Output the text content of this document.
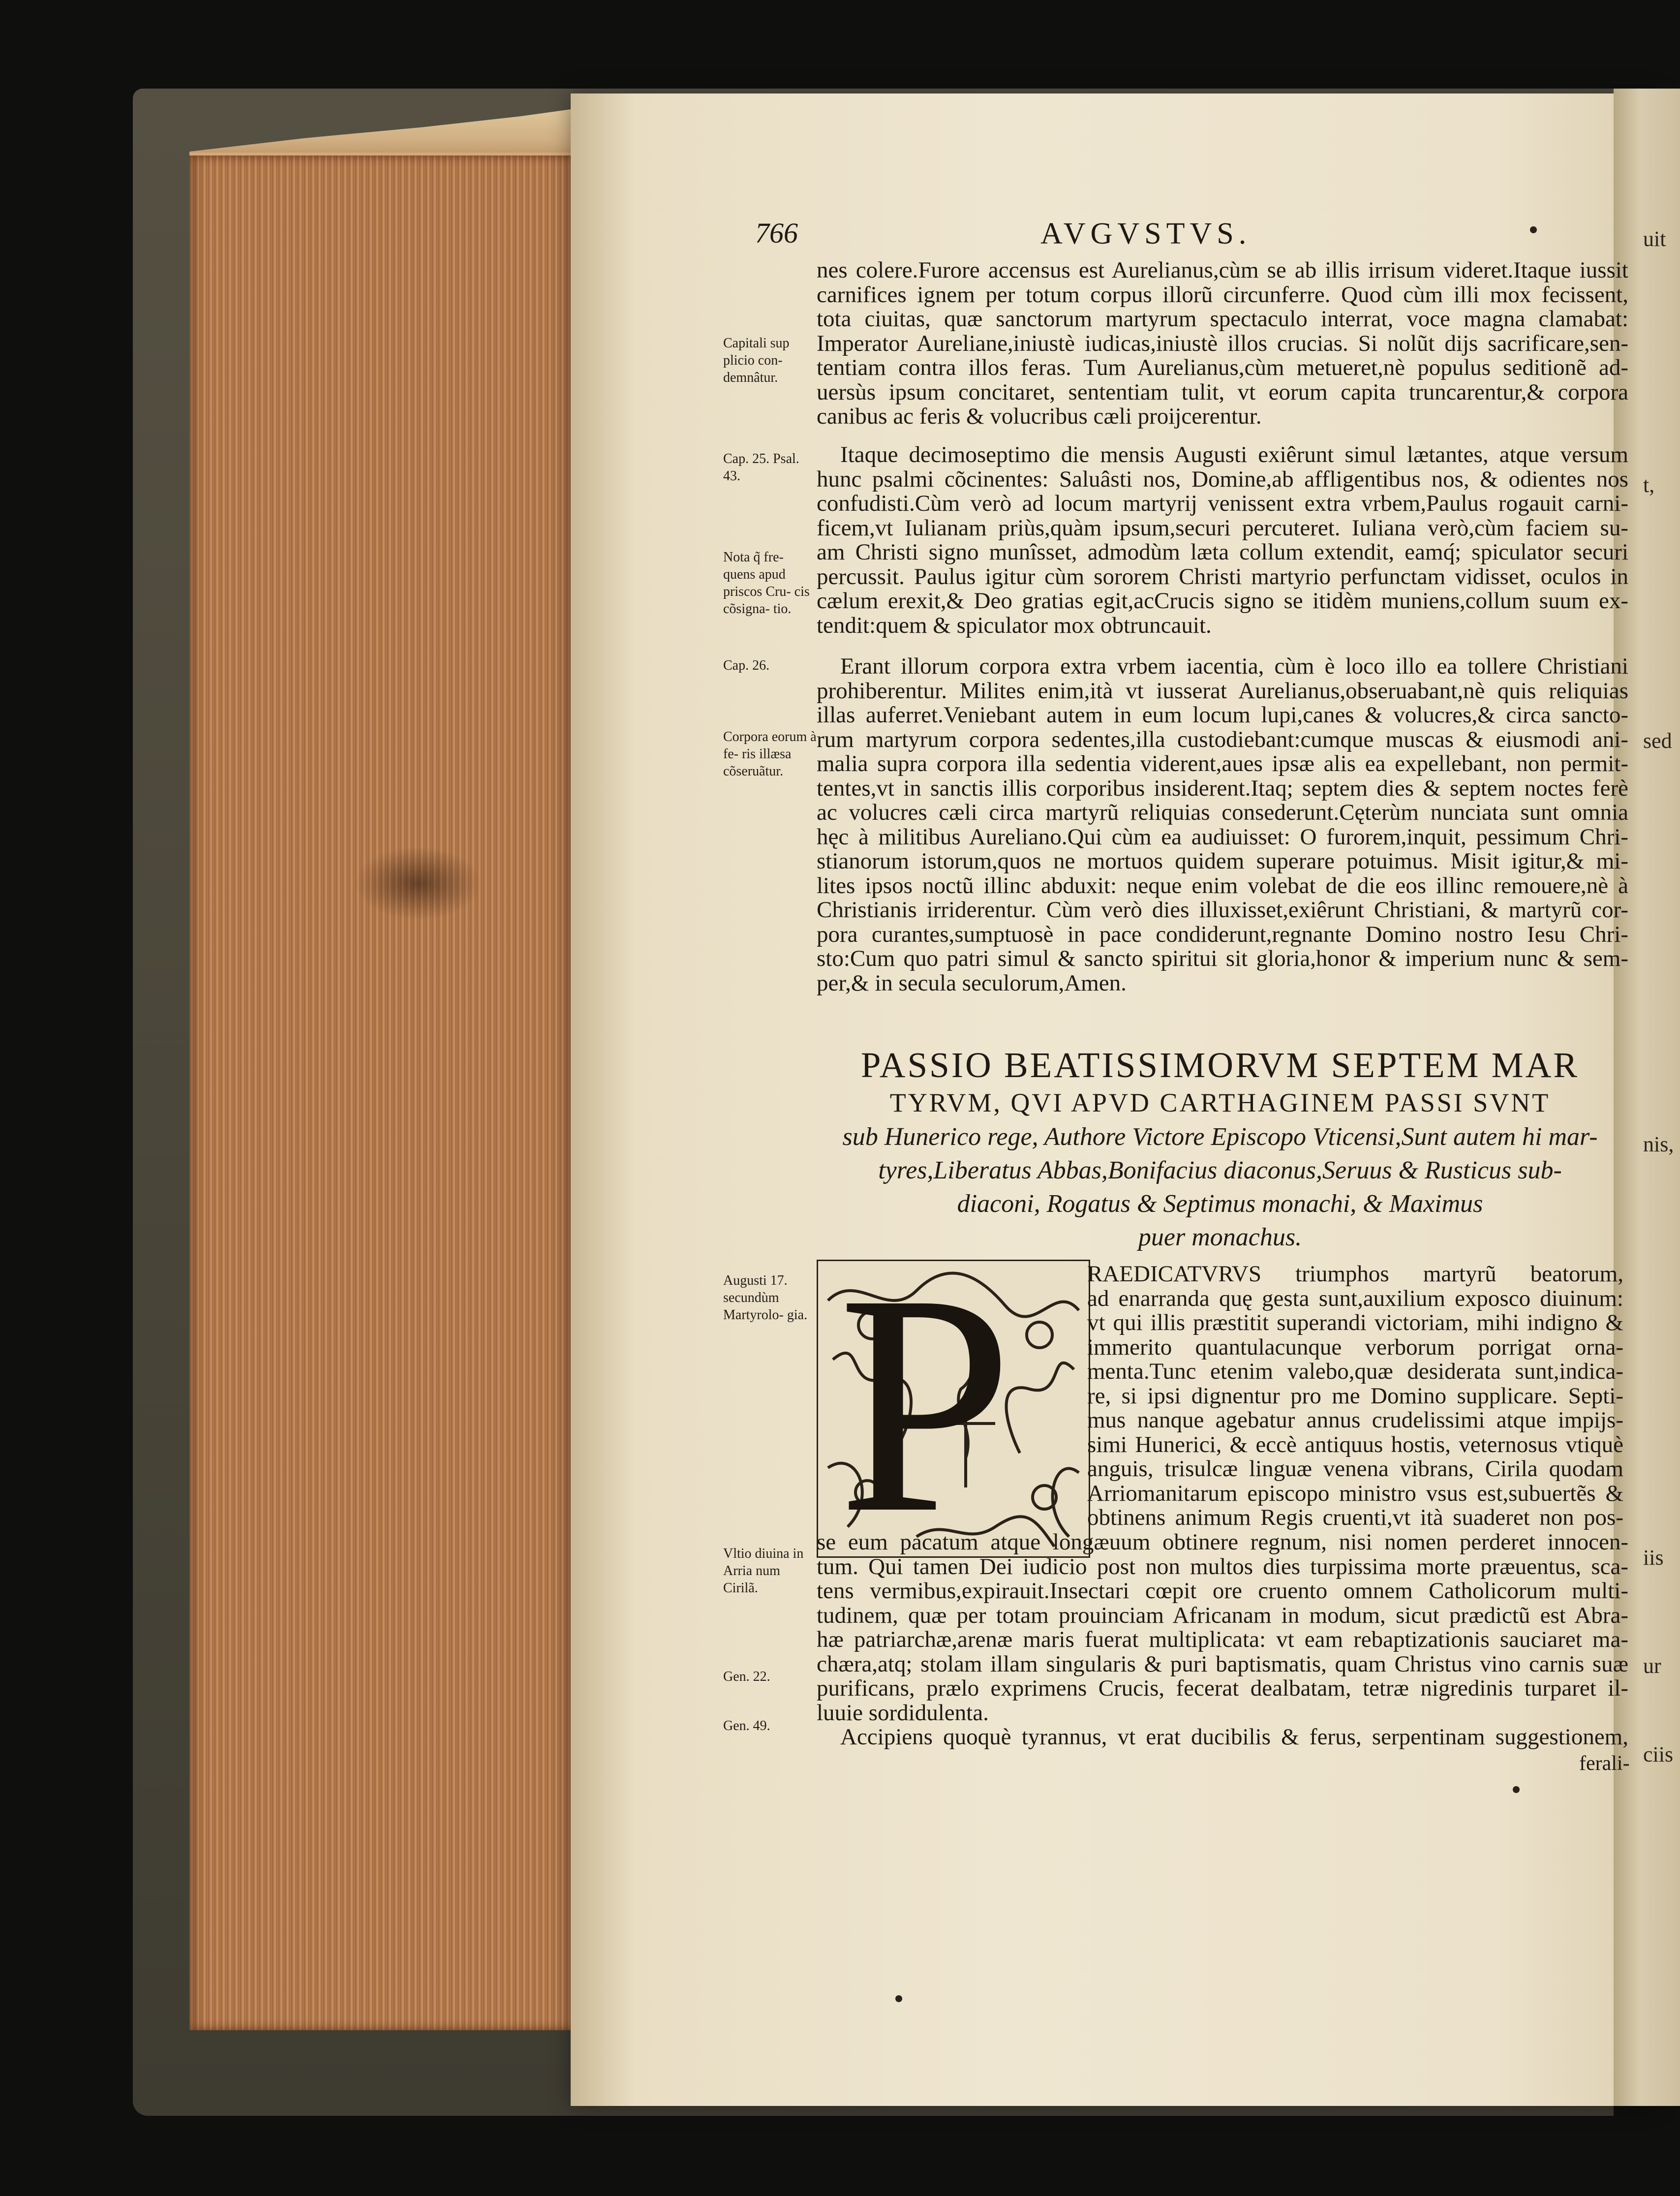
uit
t,
sed
nis,
iis
ur
ciis
766	AVGVSTVS.
nes colere.Furore accensus est Aurelianus,cùm se ab illis irrisum videret.Itaque iussit
carnifices ignem per totum corpus illorũ circunferre. Quod cùm illi mox fecissent,
tota ciuitas, quæ sanctorum martyrum spectaculo interrat, voce magna clamabat:
Imperator Aureliane,iniustè iudicas,iniustè illos crucias. Si nolũt dijs sacrificare,sen-
tentiam contra illos feras. Tum Aurelianus,cùm metueret,nè populus seditionẽ ad-
uersùs ipsum concitaret, sententiam tulit, vt eorum capita truncarentur,& corpora
canibus ac feris & volucribus cæli proijcerentur.
Itaque decimoseptimo die mensis Augusti exiêrunt simul lætantes, atque versum
hunc psalmi cõcinentes: Saluâsti nos, Domine,ab affligentibus nos, & odientes nos
confudisti.Cùm verò ad locum martyrij venissent extra vrbem,Paulus rogauit carni-
ficem,vt Iulianam priùs,quàm ipsum,securi percuteret. Iuliana verò,cùm faciem su-
am Christi signo munîsset, admodùm læta collum extendit, eamq́; spiculator securi
percussit. Paulus igitur cùm sororem Christi martyrio perfunctam vidisset, oculos in
cælum erexit,& Deo gratias egit,acCrucis signo se itidèm muniens,collum suum ex-
tendit:quem & spiculator mox obtruncauit.
Erant illorum corpora extra vrbem iacentia, cùm è loco illo ea tollere Christiani
prohiberentur. Milites enim,ità vt iusserat Aurelianus,obseruabant,nè quis reliquias
illas auferret.Veniebant autem in eum locum lupi,canes & volucres,& circa sancto-
rum martyrum corpora sedentes,illa custodiebant:cumque muscas & eiusmodi ani-
malia supra corpora illa sedentia viderent,aues ipsæ alis ea expellebant, non permit-
tentes,vt in sanctis illis corporibus insiderent.Itaq; septem dies & septem noctes ferè
ac volucres cæli circa martyrũ reliquias consederunt.Cęterùm nunciata sunt omnia
hęc à militibus Aureliano.Qui cùm ea audiuisset: O furorem,inquit, pessimum Chri-
stianorum istorum,quos ne mortuos quidem superare potuimus. Misit igitur,& mi-
lites ipsos noctũ illinc abduxit: neque enim volebat de die eos illinc remouere,nè à
Christianis irriderentur. Cùm verò dies illuxisset,exiêrunt Christiani, & martyrũ cor-
pora curantes,sumptuosè in pace condiderunt,regnante Domino nostro Iesu Chri-
sto:Cum quo patri simul & sancto spiritui sit gloria,honor & imperium nunc & sem-
per,& in secula seculorum,Amen.
PASSIO BEATISSIMORVM SEPTEM MAR
TYRVM, QVI APVD CARTHAGINEM PASSI SVNT
sub Hunerico rege, Authore Victore Episcopo Vticensi,Sunt autem hi mar-
tyres,Liberatus Abbas,Bonifacius diaconus,Seruus & Rusticus sub-
diaconi, Rogatus & Septimus monachi, & Maximus
puer monachus.
P	RAEDICATVRVS triumphos martyrũ beatorum,
ad enarranda quę gesta sunt,auxilium exposco diuinum:
vt qui illis præstitit superandi victoriam, mihi indigno &
immerito quantulacunque verborum porrigat orna-
menta.Tunc etenim valebo,quæ desiderata sunt,indica-
re, si ipsi dignentur pro me Domino supplicare. Septi-
mus nanque agebatur annus crudelissimi atque impijs-
simi Hunerici, & eccè antiquus hostis, veternosus vtiquè
anguis, trisulcæ linguæ venena vibrans, Cirila quodam
Arriomanitarum episcopo ministro vsus est,subuertẽs &
obtinens animum Regis cruenti,vt ità suaderet non pos-
se eum pacatum atque longæuum obtinere regnum, nisi nomen perderet innocen-
tum. Qui tamen Dei iudicio post non multos dies turpissima morte præuentus, sca-
tens vermibus,expirauit.Insectari cœpit ore cruento omnem Catholicorum multi-
tudinem, quæ per totam prouinciam Africanam in modum, sicut prædictũ est Abra-
hæ patriarchæ,arenæ maris fuerat multiplicata: vt eam rebaptizationis sauciaret ma-
chæra,atq; stolam illam singularis & puri baptismatis, quam Christus vino carnis suæ
purificans, prælo exprimens Crucis, fecerat dealbatam, tetræ nigredinis turparet il-
luuie sordidulenta.
Accipiens quoquè tyrannus, vt erat ducibilis & ferus, serpentinam suggestionem,
ferali-
Capitali sup plicio con- demnâtur.
Cap. 25. Psal. 43.
Nota q̃ fre- quens apud priscos Cru- cis cõsigna- tio.
Cap. 26.
Corpora eorum à fe- ris illæsa cõseruãtur.
Augusti 17. secundùm Martyrolo- gia.
Vltio diuina in Arria num Cirilã.
Gen. 22.
Gen. 49.
